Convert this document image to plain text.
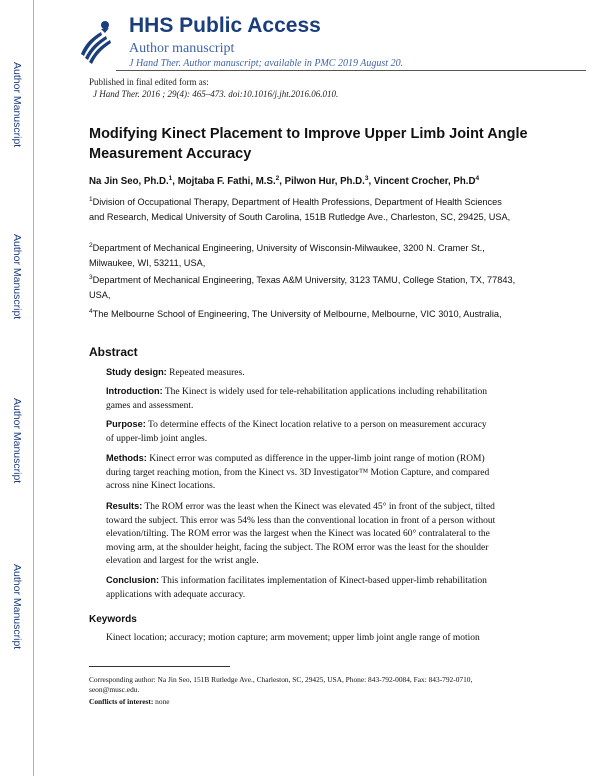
Author Manuscript
Author Manuscript
Author Manuscript
Author Manuscript
HHS Public Access
Author manuscript
J Hand Ther. Author manuscript; available in PMC 2019 August 20.
Published in final edited form as:
J Hand Ther. 2016 ; 29(4): 465–473. doi:10.1016/j.jht.2016.06.010.
Modifying Kinect Placement to Improve Upper Limb Joint Angle Measurement Accuracy
Na Jin Seo, Ph.D.$^1$, Mojtaba F. Fathi, M.S.$^2$, Pilwon Hur, Ph.D.$^3$, Vincent Crocher, $Ph.D^4$
$^1$Division of Occupational Therapy, Department of Health Professions, Department of Health Sciences and Research, Medical University of South Carolina, 151B Rutledge Ave., Charleston, SC, 29425, USA,
$^2$Department of Mechanical Engineering, University of Wisconsin-Milwaukee, 3200 N. Cramer St., Milwaukee, WI, 53211, USA,
$^3$Department of Mechanical Engineering, Texas A&M University, 3123 TAMU, College Station, TX, 77843, USA,
$^4$The Melbourne School of Engineering, The University of Melbourne, Melbourne, VIC 3010, Australia,
Abstract
Study design: Repeated measures.
Introduction: The Kinect is widely used for tele-rehabilitation applications including rehabilitation games and assessment.
Purpose: To determine effects of the Kinect location relative to a person on measurement accuracy of upper-limb joint angles.
Methods: Kinect error was computed as difference in the upper-limb joint range of motion (ROM) during target reaching motion, from the Kinect vs. 3D Investigator™ Motion Capture, and compared across nine Kinect locations.
Results: The ROM error was the least when the Kinect was elevated 45° in front of the subject, tilted toward the subject. This error was 54% less than the conventional location in front of a person without elevation/tilting. The ROM error was the largest when the Kinect was located 60° contralateral to the moving arm, at the shoulder height, facing the subject. The ROM error was the least for the shoulder elevation and largest for the wrist angle.
Conclusion: This information facilitates implementation of Kinect-based upper-limb rehabilitation applications with adequate accuracy.
Keywords
Kinect location; accuracy; motion capture; arm movement; upper limb joint angle range of motion
Corresponding author: Na Jin Seo, 151B Rutledge Ave., Charleston, SC, 29425, USA, Phone: 843-792-0084, Fax: 843-792-0710, seon@musc.edu.
Conflicts of interest: none
